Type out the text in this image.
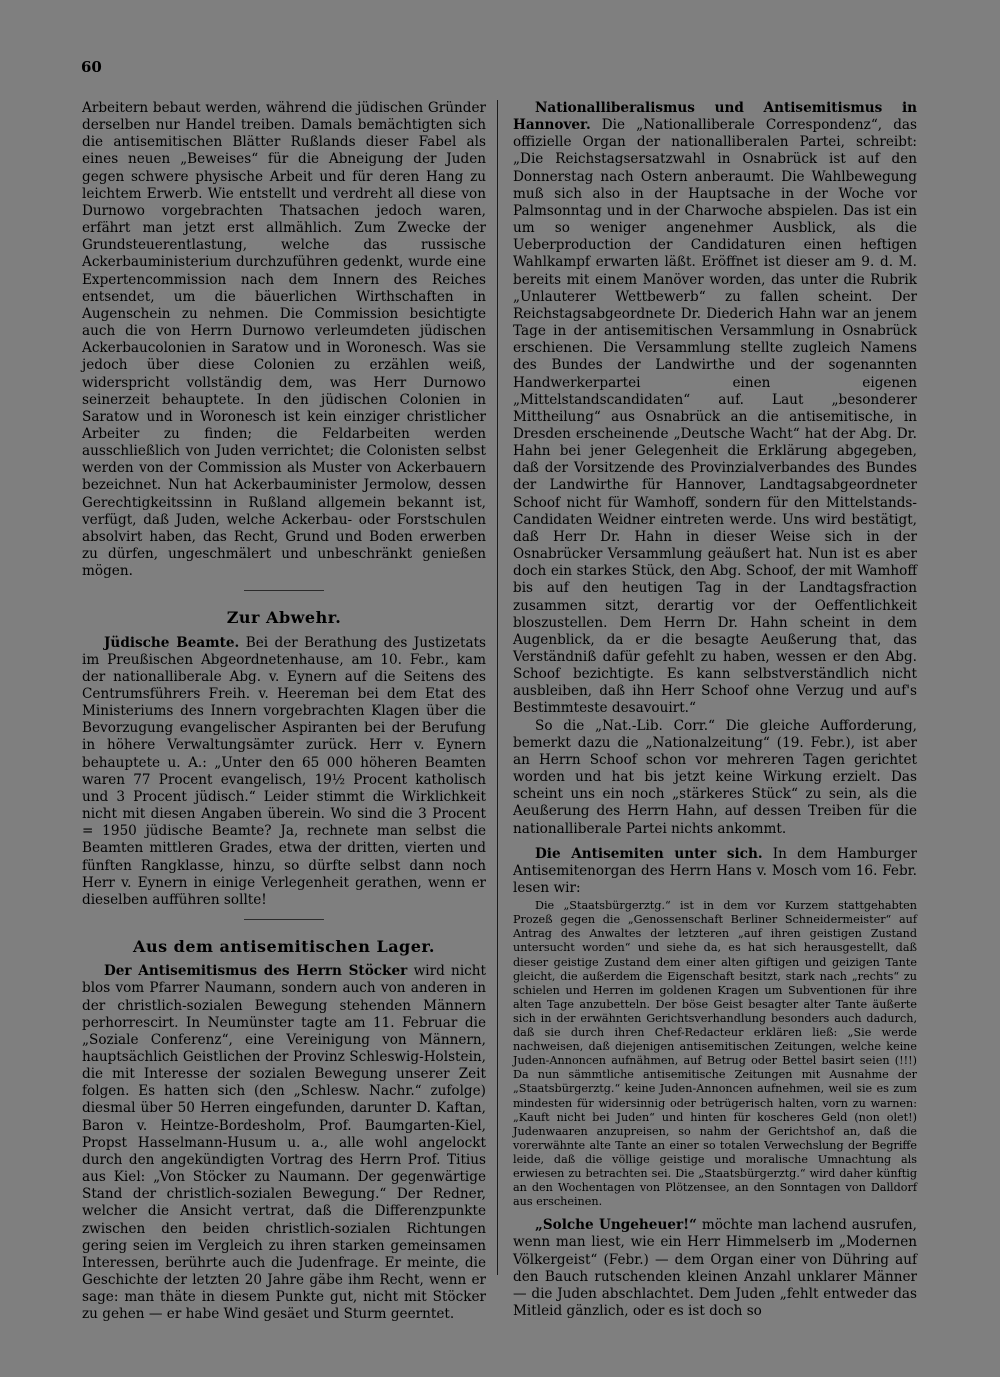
60

Arbeitern bebaut werden, während die jüdischen Gründer derselben nur Handel treiben. Damals bemächtigten sich die antisemitischen Blätter Rußlands dieser Fabel als eines neuen „Beweises“ für die Abneigung der Juden gegen schwere physische Arbeit und für deren Hang zu leichtem Erwerb. Wie entstellt und verdreht all diese von Durnowo vorgebrachten Thatsachen jedoch waren, erfährt man jetzt erst allmählich. Zum Zwecke der Grundsteuerentlastung, welche das russische Ackerbauministerium durchzuführen gedenkt, wurde eine Expertencommission nach dem Innern des Reiches entsendet, um die bäuerlichen Wirthschaften in Augenschein zu nehmen. Die Commission besichtigte auch die von Herrn Durnowo verleumdeten jüdischen Ackerbaucolonien in Saratow und in Woronesch. Was sie jedoch über diese Colonien zu erzählen weiß, widerspricht vollständig dem, was Herr Durnowo seinerzeit behauptete. In den jüdischen Colonien in Saratow und in Woronesch ist kein einziger christlicher Arbeiter zu finden; die Feldarbeiten werden ausschließlich von Juden verrichtet; die Colonisten selbst werden von der Commission als Muster von Ackerbauern bezeichnet. Nun hat Ackerbauminister Jermolow, dessen Gerechtigkeitssinn in Rußland allgemein bekannt ist, verfügt, daß Juden, welche Ackerbau- oder Forstschulen absolvirt haben, das Recht, Grund und Boden erwerben zu dürfen, ungeschmälert und unbeschränkt genießen mögen.

Zur Abwehr.

Jüdische Beamte. Bei der Berathung des Justizetats im Preußischen Abgeordnetenhause, am 10. Febr., kam der nationalliberale Abg. v. Eynern auf die Seitens des Centrumsführers Freih. v. Heereman bei dem Etat des Ministeriums des Innern vorgebrachten Klagen über die Bevorzugung evangelischer Aspiranten bei der Berufung in höhere Verwaltungsämter zurück. Herr v. Eynern behauptete u. A.: „Unter den 65 000 höheren Beamten waren 77 Procent evangelisch, 19½ Procent katholisch und 3 Procent jüdisch.“ Leider stimmt die Wirklichkeit nicht mit diesen Angaben überein. Wo sind die 3 Procent = 1950 jüdische Beamte? Ja, rechnete man selbst die Beamten mittleren Grades, etwa der dritten, vierten und fünften Rangklasse, hinzu, so dürfte selbst dann noch Herr v. Eynern in einige Verlegenheit gerathen, wenn er dieselben aufführen sollte!

Aus dem antisemitischen Lager.

Der Antisemitismus des Herrn Stöcker wird nicht blos vom Pfarrer Naumann, sondern auch von anderen in der christlich-sozialen Bewegung stehenden Männern perhorrescirt. In Neumünster tagte am 11. Februar die „Soziale Conferenz“, eine Vereinigung von Männern, hauptsächlich Geistlichen der Provinz Schleswig-Holstein, die mit Interesse der sozialen Bewegung unserer Zeit folgen. Es hatten sich (den „Schlesw. Nachr.“ zufolge) diesmal über 50 Herren eingefunden, darunter D. Kaftan, Baron v. Heintze-Bordesholm, Prof. Baumgarten-Kiel, Propst Hasselmann-Husum u. a., alle wohl angelockt durch den angekündigten Vortrag des Herrn Prof. Titius aus Kiel: „Von Stöcker zu Naumann. Der gegenwärtige Stand der christlich-sozialen Bewegung.“ Der Redner, welcher die Ansicht vertrat, daß die Differenzpunkte zwischen den beiden christlich-sozialen Richtungen gering seien im Vergleich zu ihren starken gemeinsamen Interessen, berührte auch die Judenfrage. Er meinte, die Geschichte der letzten 20 Jahre gäbe ihm Recht, wenn er sage: man thäte in diesem Punkte gut, nicht mit Stöcker zu gehen — er habe Wind gesäet und Sturm geerntet.

Nationalliberalismus und Antisemitismus in Hannover. Die „Nationalliberale Correspondenz“, das offizielle Organ der nationalliberalen Partei, schreibt: „Die Reichstagsersatzwahl in Osnabrück ist auf den Donnerstag nach Ostern anberaumt. Die Wahlbewegung muß sich also in der Hauptsache in der Woche vor Palmsonntag und in der Charwoche abspielen. Das ist ein um so weniger angenehmer Ausblick, als die Ueberproduction der Candidaturen einen heftigen Wahlkampf erwarten läßt. Eröffnet ist dieser am 9. d. M. bereits mit einem Manöver worden, das unter die Rubrik „Unlauterer Wettbewerb“ zu fallen scheint. Der Reichstagsabgeordnete Dr. Diederich Hahn war an jenem Tage in der antisemitischen Versammlung in Osnabrück erschienen. Die Versammlung stellte zugleich Namens des Bundes der Landwirthe und der sogenannten Handwerkerpartei einen eigenen „Mittelstandscandidaten“ auf. Laut „besonderer Mittheilung“ aus Osnabrück an die antisemitische, in Dresden erscheinende „Deutsche Wacht“ hat der Abg. Dr. Hahn bei jener Gelegenheit die Erklärung abgegeben, daß der Vorsitzende des Provinzialverbandes des Bundes der Landwirthe für Hannover, Landtagsabgeordneter Schoof nicht für Wamhoff, sondern für den Mittelstands-Candidaten Weidner eintreten werde. Uns wird bestätigt, daß Herr Dr. Hahn in dieser Weise sich in der Osnabrücker Versammlung geäußert hat. Nun ist es aber doch ein starkes Stück, den Abg. Schoof, der mit Wamhoff bis auf den heutigen Tag in der Landtagsfraction zusammen sitzt, derartig vor der Oeffentlichkeit bloszustellen. Dem Herrn Dr. Hahn scheint in dem Augenblick, da er die besagte Aeußerung that, das Verständniß dafür gefehlt zu haben, wessen er den Abg. Schoof bezichtigte. Es kann selbstverständlich nicht ausbleiben, daß ihn Herr Schoof ohne Verzug und auf's Bestimmteste desavouirt.“

So die „Nat.-Lib. Corr.“ Die gleiche Aufforderung, bemerkt dazu die „Nationalzeitung“ (19. Febr.), ist aber an Herrn Schoof schon vor mehreren Tagen gerichtet worden und hat bis jetzt keine Wirkung erzielt. Das scheint uns ein noch „stärkeres Stück“ zu sein, als die Aeußerung des Herrn Hahn, auf dessen Treiben für die nationalliberale Partei nichts ankommt.

Die Antisemiten unter sich. In dem Hamburger Antisemitenorgan des Herrn Hans v. Mosch vom 16. Febr. lesen wir:

Die „Staatsbürgerztg.“ ist in dem vor Kurzem stattgehabten Prozeß gegen die „Genossenschaft Berliner Schneidermeister“ auf Antrag des Anwaltes der letzteren „auf ihren geistigen Zustand untersucht worden“ und siehe da, es hat sich herausgestellt, daß dieser geistige Zustand dem einer alten giftigen und geizigen Tante gleicht, die außerdem die Eigenschaft besitzt, stark nach „rechts“ zu schielen und Herren im goldenen Kragen um Subventionen für ihre alten Tage anzubetteln. Der böse Geist besagter alter Tante äußerte sich in der erwähnten Gerichtsverhandlung besonders auch dadurch, daß sie durch ihren Chef-Redacteur erklären ließ: „Sie werde nachweisen, daß diejenigen antisemitischen Zeitungen, welche keine Juden-Annoncen aufnähmen, auf Betrug oder Bettel basirt seien (!!!) Da nun sämmtliche antisemitische Zeitungen mit Ausnahme der „Staatsbürgerztg.“ keine Juden-Annoncen aufnehmen, weil sie es zum mindesten für widersinnig oder betrügerisch halten, vorn zu warnen: „Kauft nicht bei Juden“ und hinten für koscheres Geld (non olet!) Judenwaaren anzupreisen, so nahm der Gerichtshof an, daß die vorerwähnte alte Tante an einer so totalen Verwechslung der Begriffe leide, daß die völlige geistige und moralische Umnachtung als erwiesen zu betrachten sei. Die „Staatsbürgerztg.“ wird daher künftig an den Wochentagen von Plötzensee, an den Sonntagen von Dalldorf aus erscheinen.

„Solche Ungeheuer!“ möchte man lachend ausrufen, wenn man liest, wie ein Herr Himmelserb im „Modernen Völkergeist“ (Febr.) — dem Organ einer von Dühring auf den Bauch rutschenden kleinen Anzahl unklarer Männer — die Juden abschlachtet. Dem Juden „fehlt entweder das Mitleid gänzlich, oder es ist doch so
